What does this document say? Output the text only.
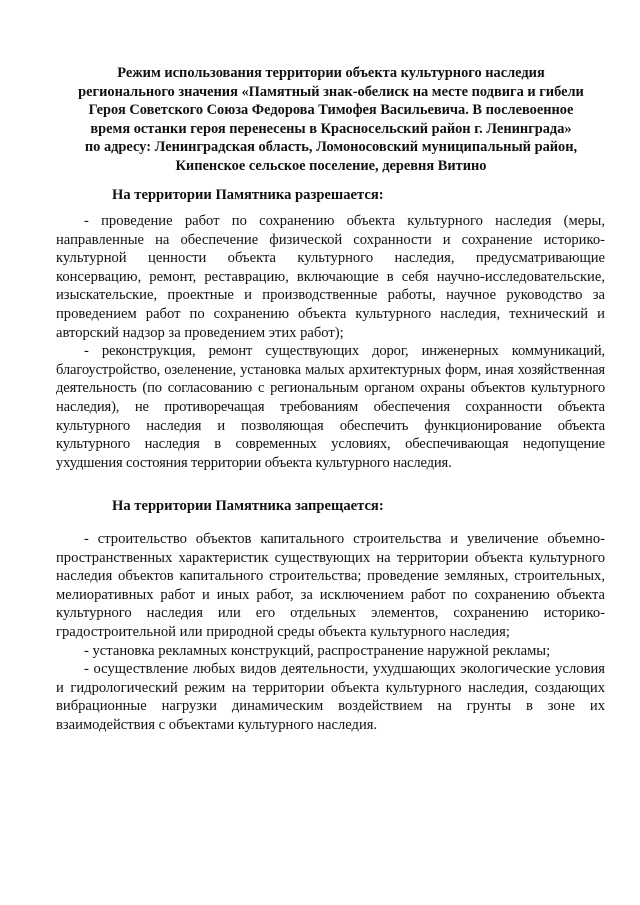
Режим использования территории объекта культурного наследия
регионального значения «Памятный знак-обелиск на месте подвига и гибели
Героя Советского Союза Федорова Тимофея Васильевича. В послевоенное
время останки героя перенесены в Красносельский район г. Ленинграда»
по адресу: Ленинградская область, Ломоносовский муниципальный район,
Кипенское сельское поселение, деревня Витино
На территории Памятника разрешается:

- проведение работ по сохранению объекта культурного наследия (меры, направленные на обеспечение физической сохранности и сохранение историко-культурной ценности объекта культурного наследия, предусматривающие консервацию, ремонт, реставрацию, включающие в себя научно-исследовательские, изыскательские, проектные и производственные работы, научное руководство за проведением работ по сохранению объекта культурного наследия, технический и авторский надзор за проведением этих работ);

- реконструкция, ремонт существующих дорог, инженерных коммуникаций, благоустройство, озеленение, установка малых архитектурных форм, иная хозяйственная деятельность (по согласованию с региональным органом охраны объектов культурного наследия), не противоречащая требованиям обеспечения сохранности объекта культурного наследия и позволяющая обеспечить функционирование объекта культурного наследия в современных условиях, обеспечивающая недопущение ухудшения состояния территории объекта культурного наследия.

На территории Памятника запрещается:

- строительство объектов капитального строительства и увеличение объемно-пространственных характеристик существующих на территории объекта культурного наследия объектов капитального строительства; проведение земляных, строительных, мелиоративных работ и иных работ, за исключением работ по сохранению объекта культурного наследия или его отдельных элементов, сохранению историко-градостроительной или природной среды объекта культурного наследия;

- установка рекламных конструкций, распространение наружной рекламы;

- осуществление любых видов деятельности, ухудшающих экологические условия и гидрологический режим на территории объекта культурного наследия, создающих вибрационные нагрузки динамическим воздействием на грунты в зоне их взаимодействия с объектами культурного наследия.
